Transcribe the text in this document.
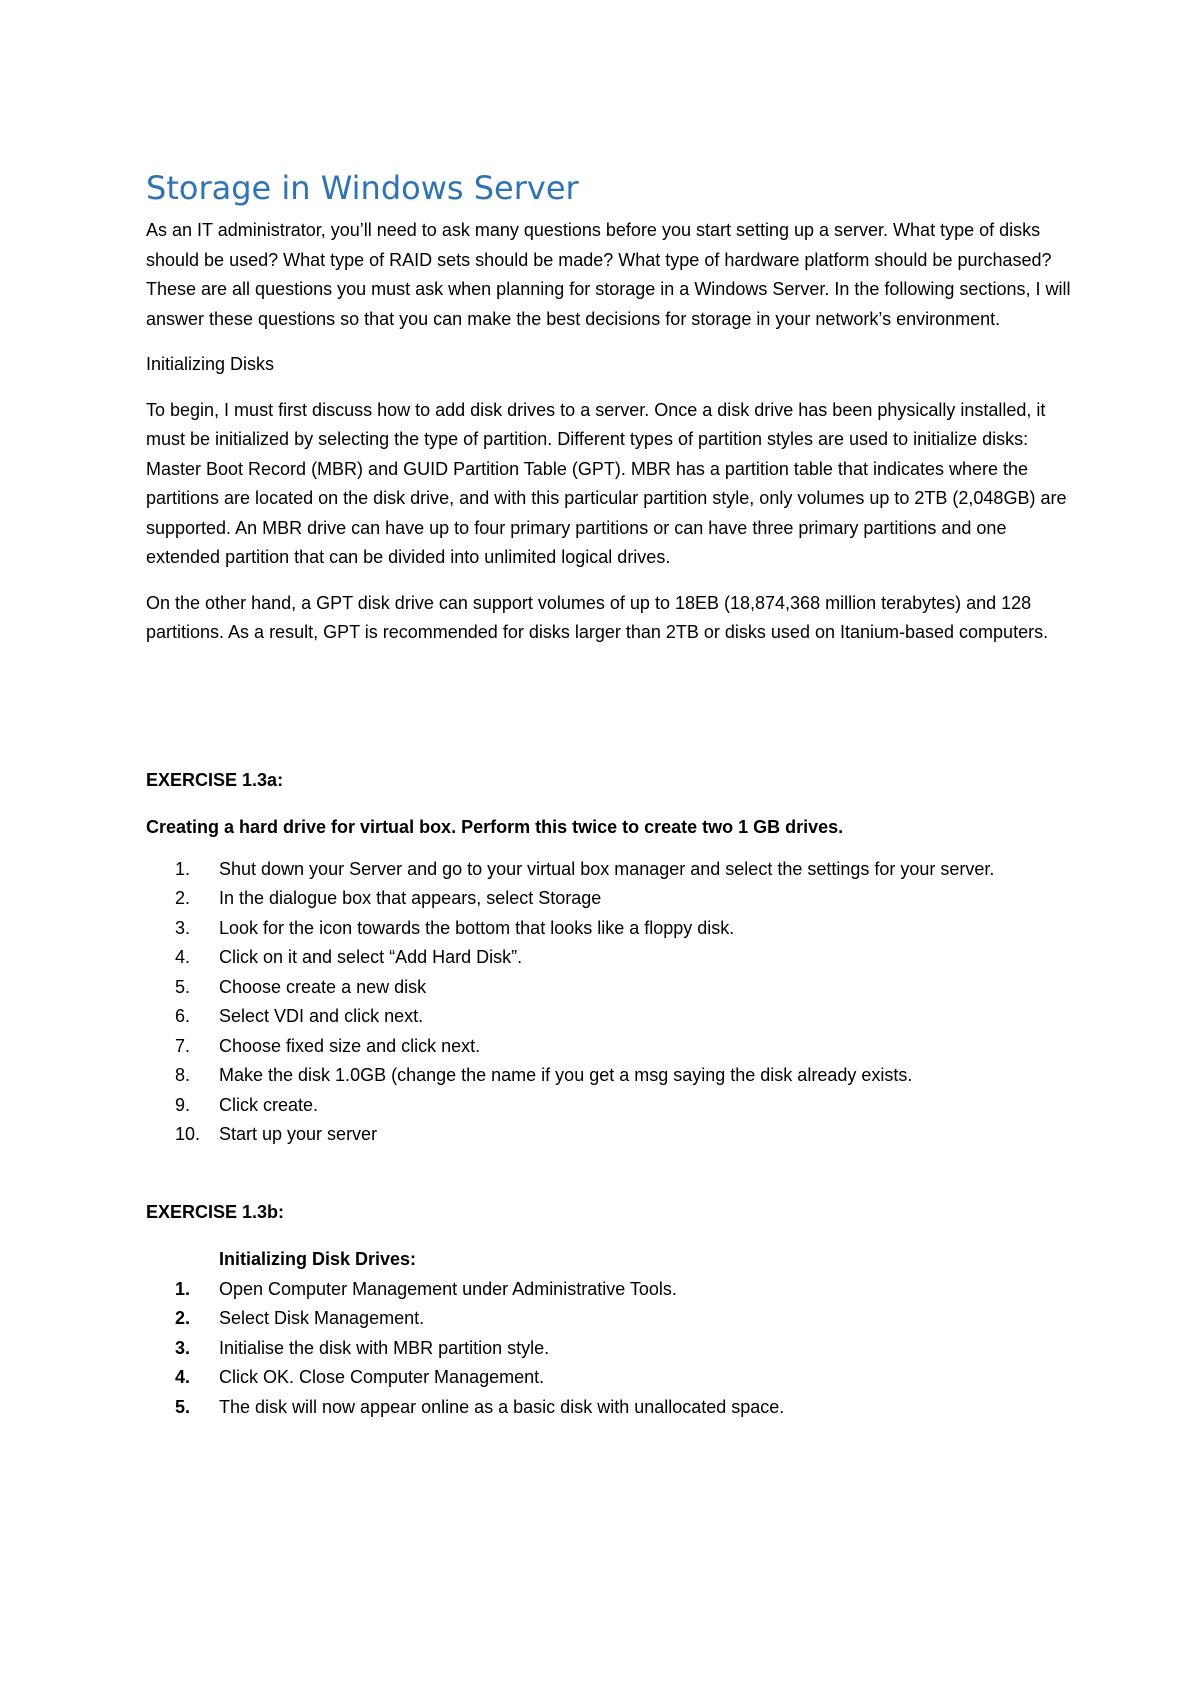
Storage in Windows Server

As an IT administrator, you’ll need to ask many questions before you start setting up a server. What type of disks should be used? What type of RAID sets should be made? What type of hardware platform should be purchased? These are all questions you must ask when planning for storage in a Windows Server. In the following sections, I will answer these questions so that you can make the best decisions for storage in your network’s environment.

Initializing Disks

To begin, I must first discuss how to add disk drives to a server. Once a disk drive has been physically installed, it must be initialized by selecting the type of partition. Different types of partition styles are used to initialize disks: Master Boot Record (MBR) and GUID Partition Table (GPT). MBR has a partition table that indicates where the partitions are located on the disk drive, and with this particular partition style, only volumes up to 2TB (2,048GB) are supported. An MBR drive can have up to four primary partitions or can have three primary partitions and one extended partition that can be divided into unlimited logical drives.

On the other hand, a GPT disk drive can support volumes of up to 18EB (18,874,368 million terabytes) and 128 partitions. As a result, GPT is recommended for disks larger than 2TB or disks used on Itanium-based computers.

EXERCISE 1.3a:

Creating a hard drive for virtual box. Perform this twice to create two 1 GB drives.

1.	Shut down your Server and go to your virtual box manager and select the settings for your server.
2.	In the dialogue box that appears, select Storage
3.	Look for the icon towards the bottom that looks like a floppy disk.
4.	Click on it and select “Add Hard Disk”.
5.	Choose create a new disk
6.	Select VDI and click next.
7.	Choose fixed size and click next.
8.	Make the disk 1.0GB (change the name if you get a msg saying the disk already exists.
9.	Click create.
10.	Start up your server

EXERCISE 1.3b:

Initializing Disk Drives:

1.	Open Computer Management under Administrative Tools.
2.	Select Disk Management.
3.	Initialise the disk with MBR partition style.
4.	Click OK. Close Computer Management.
5.	The disk will now appear online as a basic disk with unallocated space.
